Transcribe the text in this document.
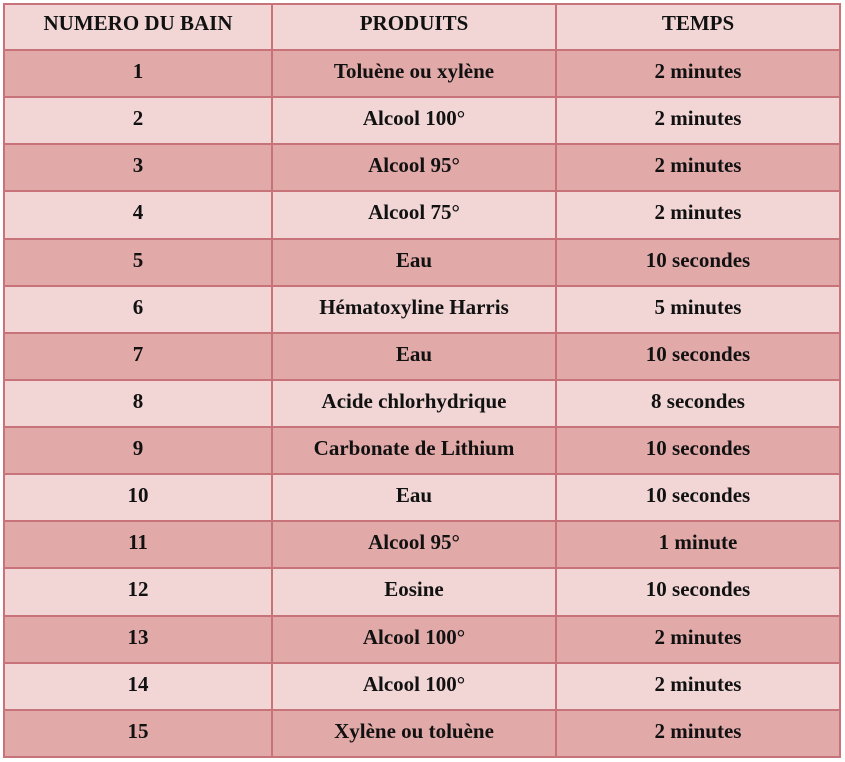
NUMERO DU BAIN	PRODUITS	TEMPS
1	Toluène ou xylène	2 minutes
2	Alcool 100°	2 minutes
3	Alcool 95°	2 minutes
4	Alcool 75°	2 minutes
5	Eau	10 secondes
6	Hématoxyline Harris	5 minutes
7	Eau	10 secondes
8	Acide chlorhydrique	8 secondes
9	Carbonate de Lithium	10 secondes
10	Eau	10 secondes
11	Alcool 95°	1 minute
12	Eosine	10 secondes
13	Alcool 100°	2 minutes
14	Alcool 100°	2 minutes
15	Xylène ou toluène	2 minutes
